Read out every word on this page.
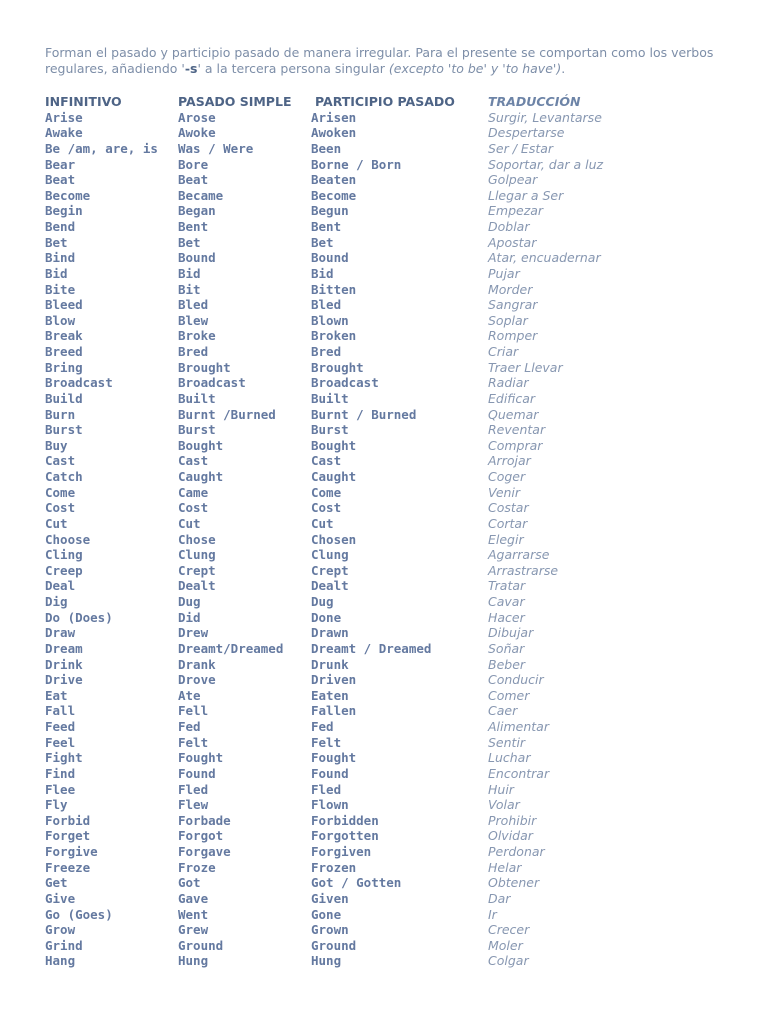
Forman el pasado y participio pasado de manera irregular. Para el presente se comportan como los verbos
regulares, añadiendo '-s' a la tercera persona singular (excepto 'to be' y 'to have').
INFINITIVO	PASADO SIMPLE	PARTICIPIO PASADO	TRADUCCIÓN
Arise	Arose	Arisen	Surgir, Levantarse
Awake	Awoke	Awoken	Despertarse
Be /am, are, is	Was / Were	Been	Ser / Estar
Bear	Bore	Borne / Born	Soportar, dar a luz
Beat	Beat	Beaten	Golpear
Become	Became	Become	Llegar a Ser
Begin	Began	Begun	Empezar
Bend	Bent	Bent	Doblar
Bet	Bet	Bet	Apostar
Bind	Bound	Bound	Atar, encuadernar
Bid	Bid	Bid	Pujar
Bite	Bit	Bitten	Morder
Bleed	Bled	Bled	Sangrar
Blow	Blew	Blown	Soplar
Break	Broke	Broken	Romper
Breed	Bred	Bred	Criar
Bring	Brought	Brought	Traer Llevar
Broadcast	Broadcast	Broadcast	Radiar
Build	Built	Built	Edificar
Burn	Burnt /Burned	Burnt / Burned	Quemar
Burst	Burst	Burst	Reventar
Buy	Bought	Bought	Comprar
Cast	Cast	Cast	Arrojar
Catch	Caught	Caught	Coger
Come	Came	Come	Venir
Cost	Cost	Cost	Costar
Cut	Cut	Cut	Cortar
Choose	Chose	Chosen	Elegir
Cling	Clung	Clung	Agarrarse
Creep	Crept	Crept	Arrastrarse
Deal	Dealt	Dealt	Tratar
Dig	Dug	Dug	Cavar
Do (Does)	Did	Done	Hacer
Draw	Drew	Drawn	Dibujar
Dream	Dreamt/Dreamed	Dreamt / Dreamed	Soñar
Drink	Drank	Drunk	Beber
Drive	Drove	Driven	Conducir
Eat	Ate	Eaten	Comer
Fall	Fell	Fallen	Caer
Feed	Fed	Fed	Alimentar
Feel	Felt	Felt	Sentir
Fight	Fought	Fought	Luchar
Find	Found	Found	Encontrar
Flee	Fled	Fled	Huir
Fly	Flew	Flown	Volar
Forbid	Forbade	Forbidden	Prohibir
Forget	Forgot	Forgotten	Olvidar
Forgive	Forgave	Forgiven	Perdonar
Freeze	Froze	Frozen	Helar
Get	Got	Got / Gotten	Obtener
Give	Gave	Given	Dar
Go (Goes)	Went	Gone	Ir
Grow	Grew	Grown	Crecer
Grind	Ground	Ground	Moler
Hang	Hung	Hung	Colgar
